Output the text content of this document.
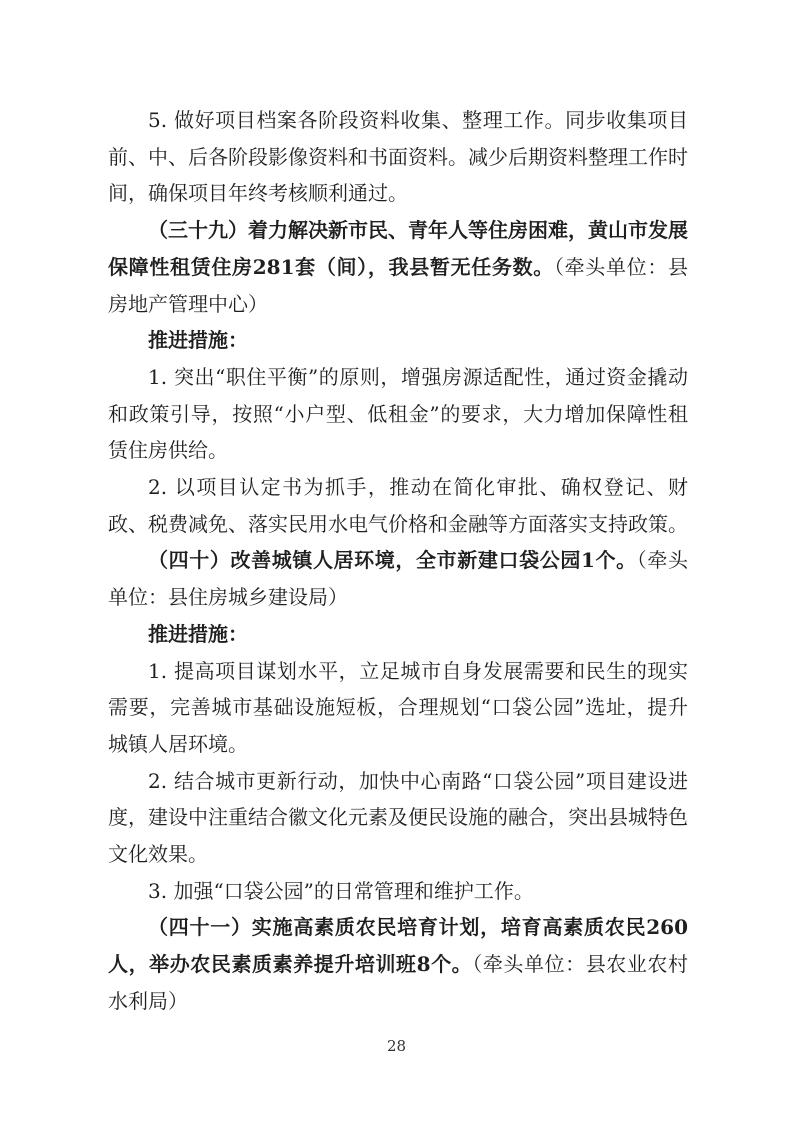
5. 做好项目档案各阶段资料收集、整理工作。同步收集项目前、中、后各阶段影像资料和书面资料。减少后期资料整理工作时间，确保项目年终考核顺利通过。

（三十九）着力解决新市民、青年人等住房困难，黄山市发展保障性租赁住房281套（间），我县暂无任务数。（牵头单位：县房地产管理中心）

推进措施：

1. 突出“职住平衡”的原则，增强房源适配性，通过资金撬动和政策引导，按照“小户型、低租金”的要求，大力增加保障性租赁住房供给。

2. 以项目认定书为抓手，推动在简化审批、确权登记、财政、税费减免、落实民用水电气价格和金融等方面落实支持政策。

（四十）改善城镇人居环境，全市新建口袋公园1个。（牵头单位：县住房城乡建设局）

推进措施：

1. 提高项目谋划水平，立足城市自身发展需要和民生的现实需要，完善城市基础设施短板，合理规划“口袋公园”选址，提升城镇人居环境。

2. 结合城市更新行动，加快中心南路“口袋公园”项目建设进度，建设中注重结合徽文化元素及便民设施的融合，突出县城特色文化效果。

3. 加强“口袋公园”的日常管理和维护工作。

（四十一）实施高素质农民培育计划，培育高素质农民260人，举办农民素质素养提升培训班8个。（牵头单位：县农业农村水利局）

28
